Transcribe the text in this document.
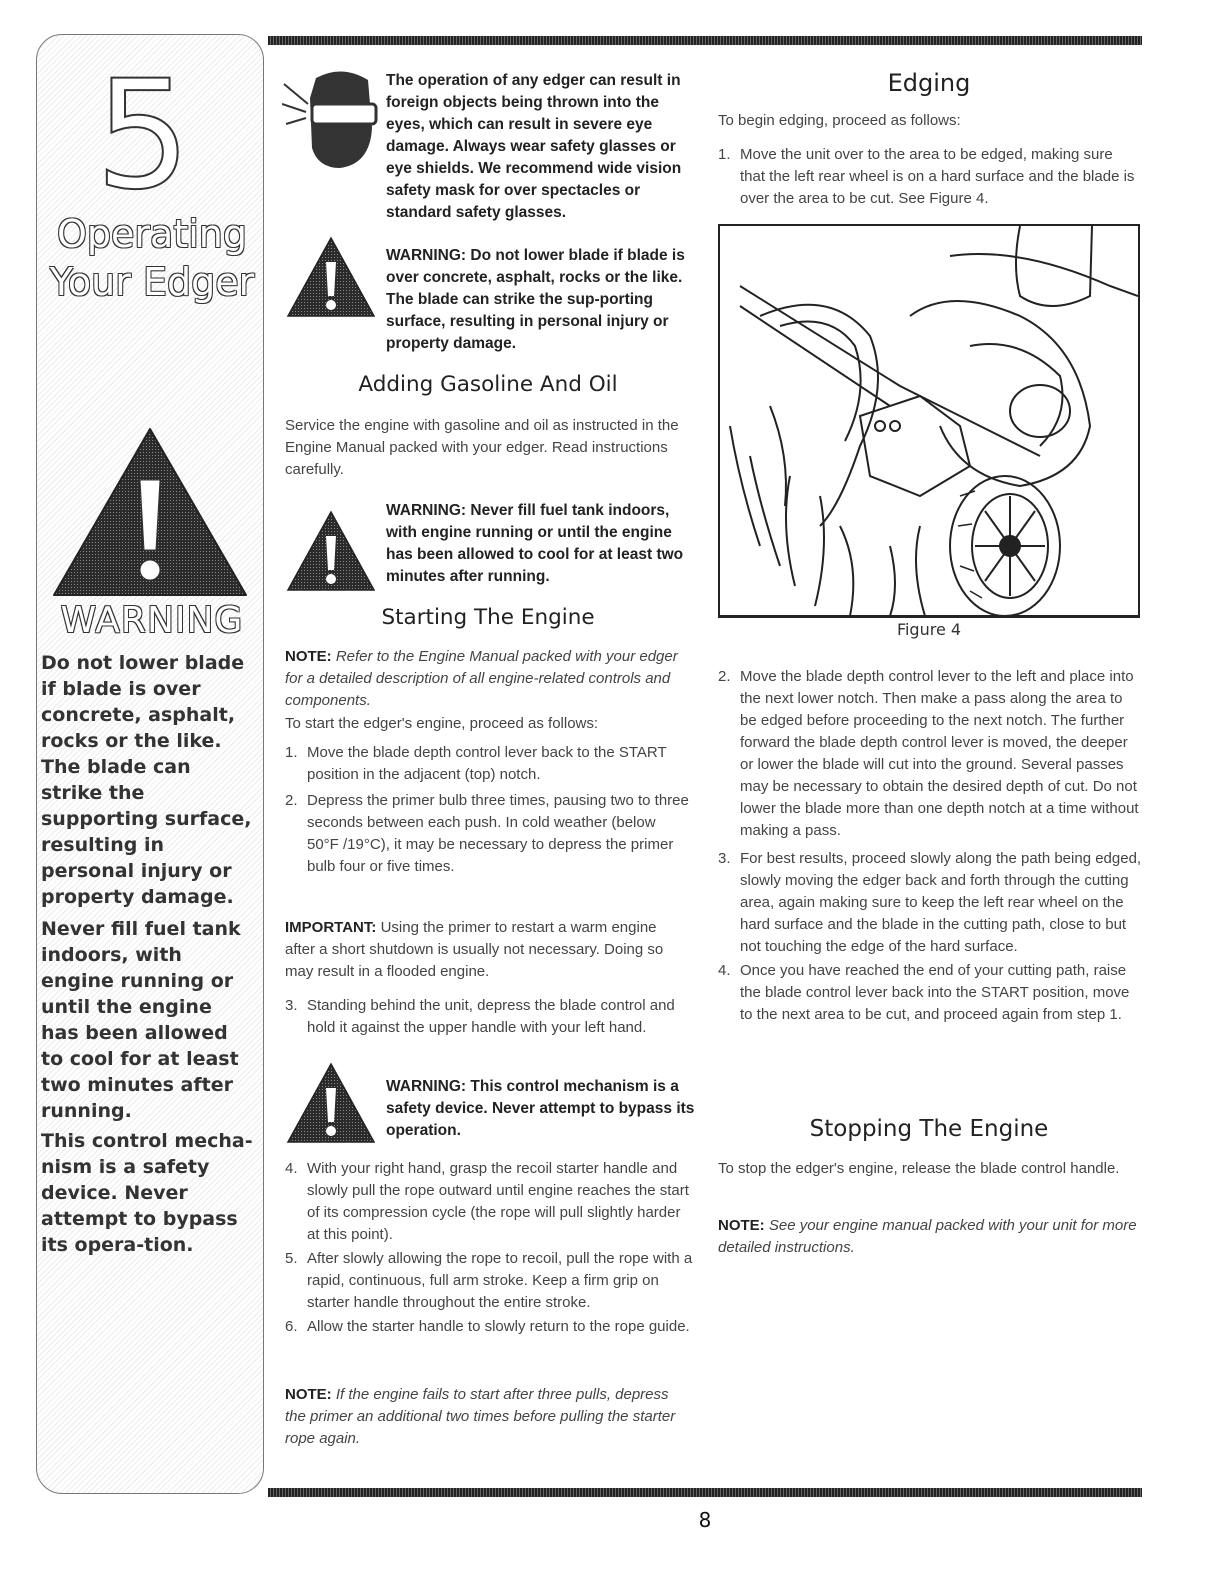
5
Operating
Your Edger
WARNING

Do not lower blade if blade is over concrete, asphalt, rocks or the like. The blade can strike the supporting surface, resulting in personal injury or property damage.

Never fill fuel tank indoors, with engine running or until the engine has been allowed to cool for at least two minutes after running.

This control mecha-nism is a safety device. Never attempt to bypass its opera-tion.

The operation of any edger can result in foreign objects being thrown into the eyes, which can result in severe eye damage. Always wear safety glasses or eye shields. We recommend wide vision safety mask for over spectacles or standard safety glasses.

WARNING: Do not lower blade if blade is over concrete, asphalt, rocks or the like. The blade can strike the sup-porting surface, resulting in personal injury or property damage.

Adding Gasoline And Oil

Service the engine with gasoline and oil as instructed in the Engine Manual packed with your edger. Read instructions carefully.

WARNING: Never fill fuel tank indoors, with engine running or until the engine has been allowed to cool for at least two minutes after running.

Starting The Engine

NOTE: Refer to the Engine Manual packed with your edger for a detailed description of all engine-related controls and components.

To start the edger's engine, proceed as follows:

1. Move the blade depth control lever back to the START position in the adjacent (top) notch.
2. Depress the primer bulb three times, pausing two to three seconds between each push. In cold weather (below 50°F /19°C), it may be necessary to depress the primer bulb four or five times.

IMPORTANT: Using the primer to restart a warm engine after a short shutdown is usually not necessary. Doing so may result in a flooded engine.

3. Standing behind the unit, depress the blade control and hold it against the upper handle with your left hand.

WARNING: This control mechanism is a safety device. Never attempt to bypass its operation.

4. With your right hand, grasp the recoil starter handle and slowly pull the rope outward until engine reaches the start of its compression cycle (the rope will pull slightly harder at this point).
5. After slowly allowing the rope to recoil, pull the rope with a rapid, continuous, full arm stroke. Keep a firm grip on starter handle throughout the entire stroke.
6. Allow the starter handle to slowly return to the rope guide.

NOTE: If the engine fails to start after three pulls, depress the primer an additional two times before pulling the starter rope again.

Edging

To begin edging, proceed as follows:

1. Move the unit over to the area to be edged, making sure that the left rear wheel is on a hard surface and the blade is over the area to be cut. See Figure 4.
Figure 4
2. Move the blade depth control lever to the left and place into the next lower notch. Then make a pass along the area to be edged before proceeding to the next notch. The further forward the blade depth control lever is moved, the deeper or lower the blade will cut into the ground. Several passes may be necessary to obtain the desired depth of cut. Do not lower the blade more than one depth notch at a time without making a pass.
3. For best results, proceed slowly along the path being edged, slowly moving the edger back and forth through the cutting area, again making sure to keep the left rear wheel on the hard surface and the blade in the cutting path, close to but not touching the edge of the hard surface.
4. Once you have reached the end of your cutting path, raise the blade control lever back into the START position, move to the next area to be cut, and proceed again from step 1.
Stopping The Engine

To stop the edger's engine, release the blade control handle.

NOTE: See your engine manual packed with your unit for more detailed instructions.

8
